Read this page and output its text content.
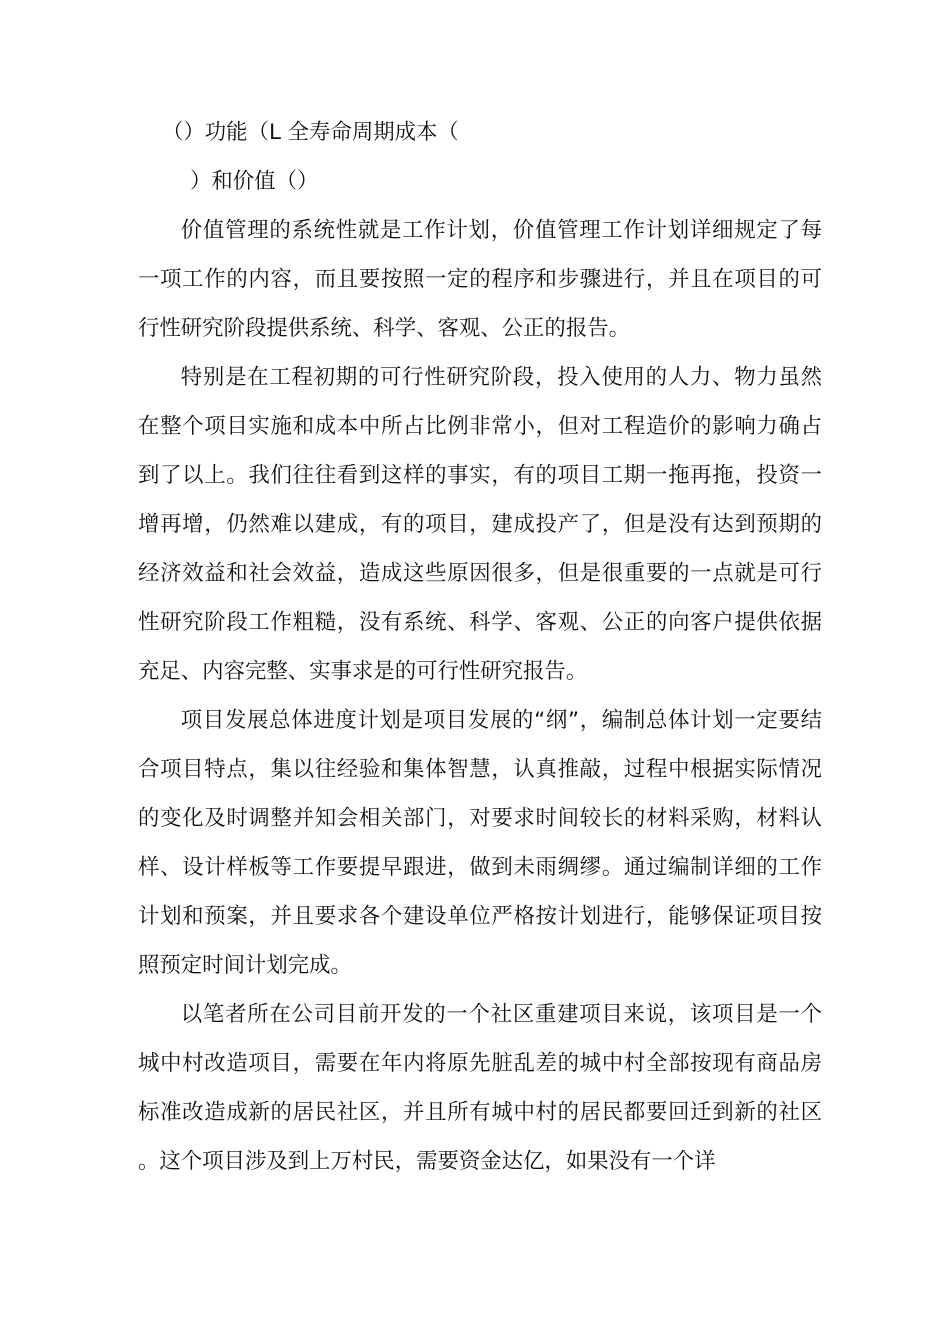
（）功能（L 全寿命周期成本（

）和价值（）

价值管理的系统性就是工作计划，价值管理工作计划详细规定了每一项工作的内容，而且要按照一定的程序和步骤进行，并且在项目的可行性研究阶段提供系统、科学、客观、公正的报告。

特别是在工程初期的可行性研究阶段，投入使用的人力、物力虽然在整个项目实施和成本中所占比例非常小，但对工程造价的影响力确占到了以上。我们往往看到这样的事实，有的项目工期一拖再拖，投资一增再增，仍然难以建成，有的项目，建成投产了，但是没有达到预期的经济效益和社会效益，造成这些原因很多，但是很重要的一点就是可行性研究阶段工作粗糙，没有系统、科学、客观、公正的向客户提供依据充足、内容完整、实事求是的可行性研究报告。

项目发展总体进度计划是项目发展的“纲”，编制总体计划一定要结合项目特点，集以往经验和集体智慧，认真推敲，过程中根据实际情况的变化及时调整并知会相关部门，对要求时间较长的材料采购，材料认样、设计样板等工作要提早跟进，做到未雨绸缪。通过编制详细的工作计划和预案，并且要求各个建设单位严格按计划进行，能够保证项目按照预定时间计划完成。

以笔者所在公司目前开发的一个社区重建项目来说，该项目是一个城中村改造项目，需要在年内将原先脏乱差的城中村全部按现有商品房标准改造成新的居民社区，并且所有城中村的居民都要回迁到新的社区。这个项目涉及到上万村民，需要资金达亿，如果没有一个详
